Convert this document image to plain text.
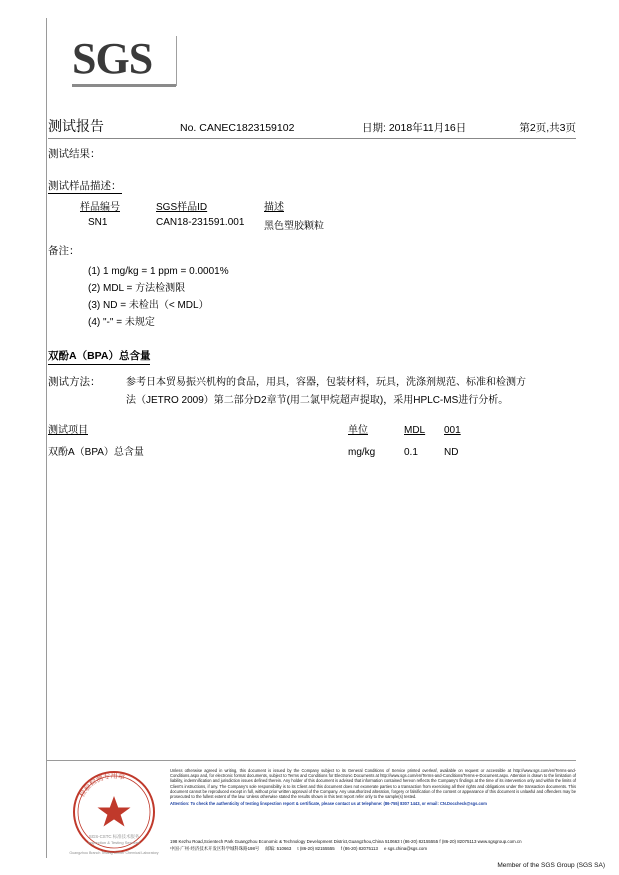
SGS
测试报告	No. CANEC1823159102	日期: 2018年11月16日	第2页,共3页
测试结果：
测试样品描述：
样品编号	SGS样品ID	描述
SN1	CAN18-231591.001	黑色塑胶颗粒
备注：
(1) 1 mg/kg = 1 ppm = 0.0001%
(2) MDL = 方法检测限
(3) ND = 未检出（< MDL）
(4) "-" = 未规定
双酚A（BPA）总含量
测试方法：	参考日本贸易振兴机构的食品，用具，容器，包装材料，玩具，洗涤剂规范、标准和检测方
法（JETRO 2009）第二部分D2章节(用二氯甲烷超声提取)，采用HPLC-MS进行分析。
测试项目	单位	MDL	001
双酚A（BPA）总含量	mg/kg	0.1	ND
检验检测专用章
SGS-CSTC 标准技术服务
Inspection & Testing Services
Guangzhou Branch Testing Center Chemical Laboratory
Unless otherwise agreed in writing, this document is issued by the Company subject to its General Conditions of Service printed overleaf, available on request or accessible at http://www.sgs.com/en/Terms-and-Conditions.aspx and, for electronic format documents, subject to Terms and Conditions for Electronic Documents at http://www.sgs.com/en/Terms-and-Conditions/Terms-e-Document.aspx. Attention is drawn to the limitation of liability, indemnification and jurisdiction issues defined therein. Any holder of this document is advised that information contained hereon reflects the Company's findings at the time of its intervention only and within the limits of Client's instructions, if any. The Company's sole responsibility is to its Client and this document does not exonerate parties to a transaction from exercising all their rights and obligations under the transaction documents. This document cannot be reproduced except in full, without prior written approval of the Company. Any unauthorized alteration, forgery or falsification of the content or appearance of this document is unlawful and offenders may be prosecuted to the fullest extent of the law. Unless otherwise stated the results shown in this test report refer only to the sample(s) tested.
Attention: To check the authenticity of testing /inspection report & certificate, please contact us at telephone: (86-755) 8307 1443, or email: CN.Doccheck@sgs.com
198 Kezhu Road,Scientech Park Guangzhou Economic & Technology Development District,Guangzhou,China 510663 t (86-20) 82155555 f (86-20) 82075113 www.sgsgroup.com.cn
中国·广州·经济技术开发区科学城科珠路198号 邮编: 510663 t (86-20) 82155555 f (86-20) 82075113 e sgs.china@sgs.com
Member of the SGS Group (SGS SA)
